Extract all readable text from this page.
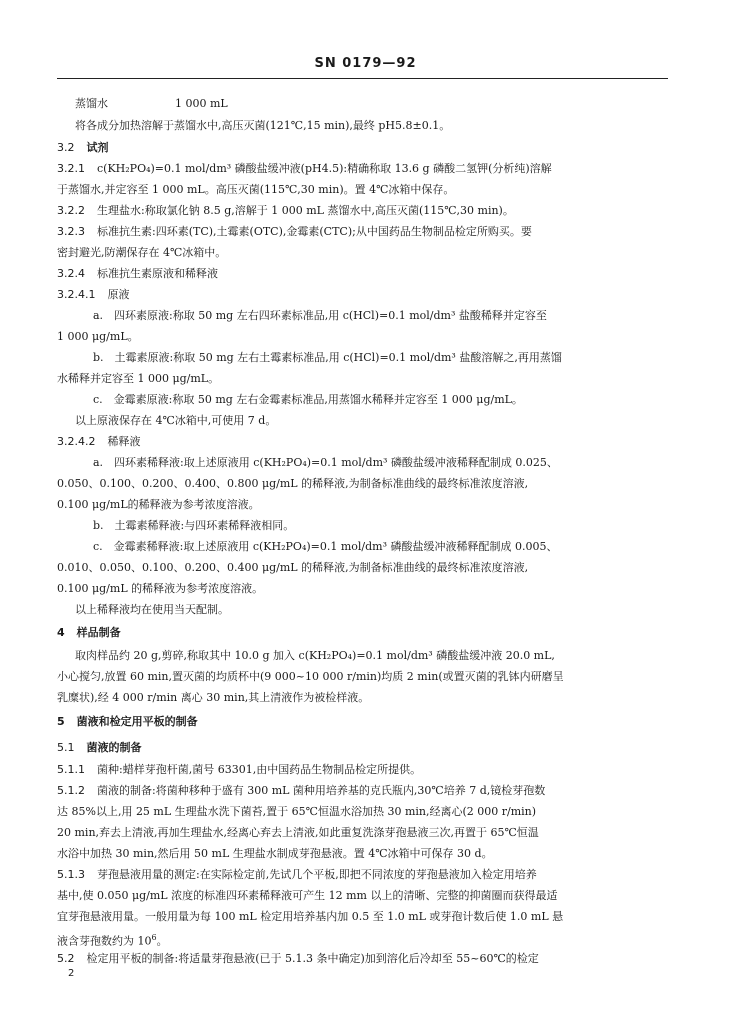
SN 0179—92
蒸馏水	1 000 mL
将各成分加热溶解于蒸馏水中,高压灭菌(121℃,15 min),最终 pH5.8±0.1。
3.2 试剂
3.2.1 c(KH₂PO₄)=0.1 mol/dm³ 磷酸盐缓冲液(pH4.5):精确称取 13.6 g 磷酸二氢钾(分析纯)溶解
于蒸馏水,并定容至 1 000 mL。高压灭菌(115℃,30 min)。置 4℃冰箱中保存。
3.2.2 生理盐水:称取氯化钠 8.5 g,溶解于 1 000 mL 蒸馏水中,高压灭菌(115℃,30 min)。
3.2.3 标准抗生素:四环素(TC),土霉素(OTC),金霉素(CTC);从中国药品生物制品检定所购买。要
密封避光,防潮保存在 4℃冰箱中。
3.2.4 标准抗生素原液和稀释液
3.2.4.1 原液
a.　四环素原液:称取 50 mg 左右四环素标准品,用 c(HCl)=0.1 mol/dm³ 盐酸稀释并定容至
1 000 μg/mL。
b.　土霉素原液:称取 50 mg 左右土霉素标准品,用 c(HCl)=0.1 mol/dm³ 盐酸溶解之,再用蒸馏
水稀释并定容至 1 000 μg/mL。
c.　金霉素原液:称取 50 mg 左右金霉素标准品,用蒸馏水稀释并定容至 1 000 μg/mL。
以上原液保存在 4℃冰箱中,可使用 7 d。
3.2.4.2 稀释液
a.　四环素稀释液:取上述原液用 c(KH₂PO₄)=0.1 mol/dm³ 磷酸盐缓冲液稀释配制成 0.025、
0.050、0.100、0.200、0.400、0.800 μg/mL 的稀释液,为制备标准曲线的最终标准浓度溶液,
0.100 μg/mL的稀释液为参考浓度溶液。
b.　土霉素稀释液:与四环素稀释液相同。
c.　金霉素稀释液:取上述原液用 c(KH₂PO₄)=0.1 mol/dm³ 磷酸盐缓冲液稀释配制成 0.005、
0.010、0.050、0.100、0.200、0.400 μg/mL 的稀释液,为制备标准曲线的最终标准浓度溶液,
0.100 μg/mL 的稀释液为参考浓度溶液。
以上稀释液均在使用当天配制。
4 样品制备
取肉样品约 20 g,剪碎,称取其中 10.0 g 加入 c(KH₂PO₄)=0.1 mol/dm³ 磷酸盐缓冲液 20.0 mL,
小心搅匀,放置 60 min,置灭菌的均质杯中(9 000~10 000 r/min)均质 2 min(或置灭菌的乳钵内研磨呈
乳糜状),经 4 000 r/min 离心 30 min,其上清液作为被检样液。
5 菌液和检定用平板的制备
5.1 菌液的制备
5.1.1 菌种:蜡样芽孢杆菌,菌号 63301,由中国药品生物制品检定所提供。
5.1.2 菌液的制备:将菌种移种于盛有 300 mL 菌种用培养基的克氏瓶内,30℃培养 7 d,镜检芽孢数
达 85%以上,用 25 mL 生理盐水洗下菌苔,置于 65℃恒温水浴加热 30 min,经离心(2 000 r/min)
20 min,弃去上清液,再加生理盐水,经离心弃去上清液,如此重复洗涤芽孢悬液三次,再置于 65℃恒温
水浴中加热 30 min,然后用 50 mL 生理盐水制成芽孢悬液。置 4℃冰箱中可保存 30 d。
5.1.3 芽孢悬液用量的测定:在实际检定前,先试几个平板,即把不同浓度的芽孢悬液加入检定用培养
基中,使 0.050 μg/mL 浓度的标准四环素稀释液可产生 12 mm 以上的清晰、完整的抑菌圈而获得最适
宜芽孢悬液用量。一般用量为每 100 mL 检定用培养基内加 0.5 至 1.0 mL 或芽孢计数后使 1.0 mL 悬
液含芽孢数约为 $10^6$。
5.2 检定用平板的制备:将适量芽孢悬液(已于 5.1.3 条中确定)加到溶化后冷却至 55~60℃的检定
2
